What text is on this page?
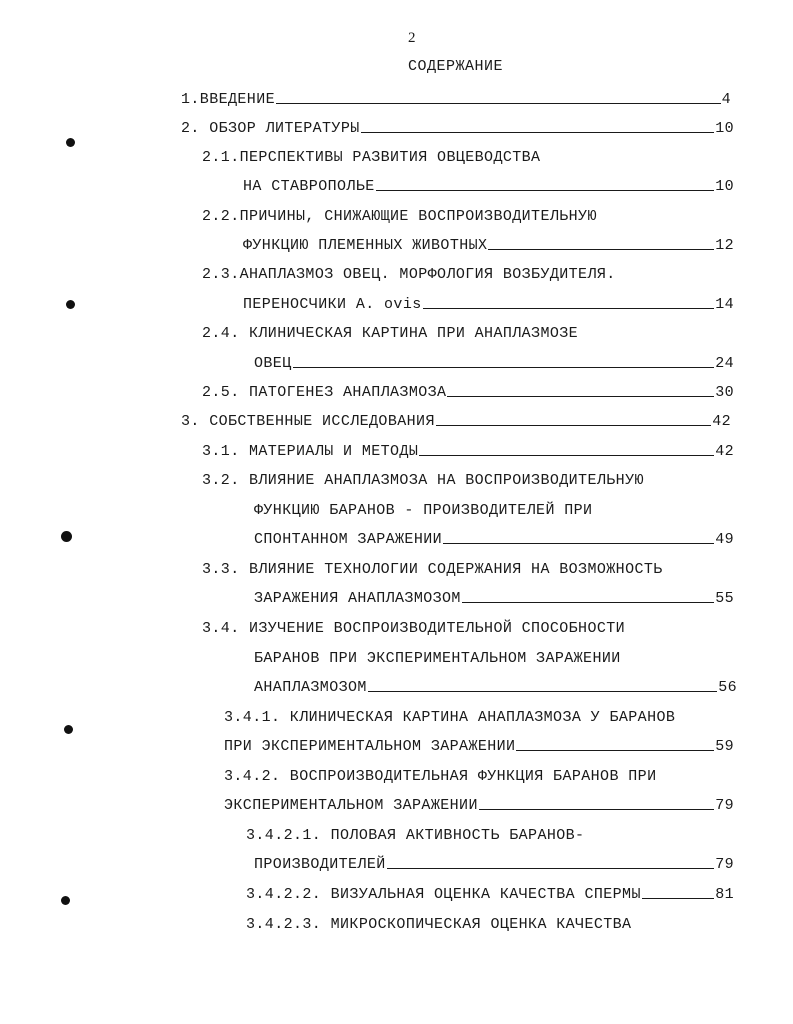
2
СОДЕРЖАНИЕ
1.ВВЕДЕНИЕ	4
2. ОБЗОР ЛИТЕРАТУРЫ	10
2.1.ПЕРСПЕКТИВЫ РАЗВИТИЯ ОВЦЕВОДСТВА
НА СТАВРОПОЛЬЕ	10
2.2.ПРИЧИНЫ, СНИЖАЮЩИЕ ВОСПРОИЗВОДИТЕЛЬНУЮ
ФУНКЦИЮ ПЛЕМЕННЫХ ЖИВОТНЫХ	12
2.3.АНАПЛАЗМОЗ ОВЕЦ. МОРФОЛОГИЯ ВОЗБУДИТЕЛЯ.
ПЕРЕНОСЧИКИ A. ovis	14
2.4. КЛИНИЧЕСКАЯ КАРТИНА ПРИ АНАПЛАЗМОЗЕ
ОВЕЦ	24
2.5. ПАТОГЕНЕЗ АНАПЛАЗМОЗА	30
3. СОБСТВЕННЫЕ ИССЛЕДОВАНИЯ	42
3.1. МАТЕРИАЛЫ И МЕТОДЫ	42
3.2. ВЛИЯНИЕ АНАПЛАЗМОЗА НА ВОСПРОИЗВОДИТЕЛЬНУЮ
ФУНКЦИЮ БАРАНОВ - ПРОИЗВОДИТЕЛЕЙ ПРИ
СПОНТАННОМ ЗАРАЖЕНИИ	49
3.3. ВЛИЯНИЕ ТЕХНОЛОГИИ СОДЕРЖАНИЯ НА ВОЗМОЖНОСТЬ
ЗАРАЖЕНИЯ АНАПЛАЗМОЗОМ	55
3.4. ИЗУЧЕНИЕ ВОСПРОИЗВОДИТЕЛЬНОЙ СПОСОБНОСТИ
БАРАНОВ ПРИ ЭКСПЕРИМЕНТАЛЬНОМ ЗАРАЖЕНИИ
АНАПЛАЗМОЗОМ	56
3.4.1. КЛИНИЧЕСКАЯ КАРТИНА АНАПЛАЗМОЗА У БАРАНОВ
ПРИ ЭКСПЕРИМЕНТАЛЬНОМ ЗАРАЖЕНИИ	59
3.4.2. ВОСПРОИЗВОДИТЕЛЬНАЯ ФУНКЦИЯ БАРАНОВ ПРИ
ЭКСПЕРИМЕНТАЛЬНОМ ЗАРАЖЕНИИ	79
3.4.2.1. ПОЛОВАЯ АКТИВНОСТЬ БАРАНОВ-
ПРОИЗВОДИТЕЛЕЙ	79
3.4.2.2. ВИЗУАЛЬНАЯ ОЦЕНКА КАЧЕСТВА СПЕРМЫ	81
3.4.2.3. МИКРОСКОПИЧЕСКАЯ ОЦЕНКА КАЧЕСТВА
